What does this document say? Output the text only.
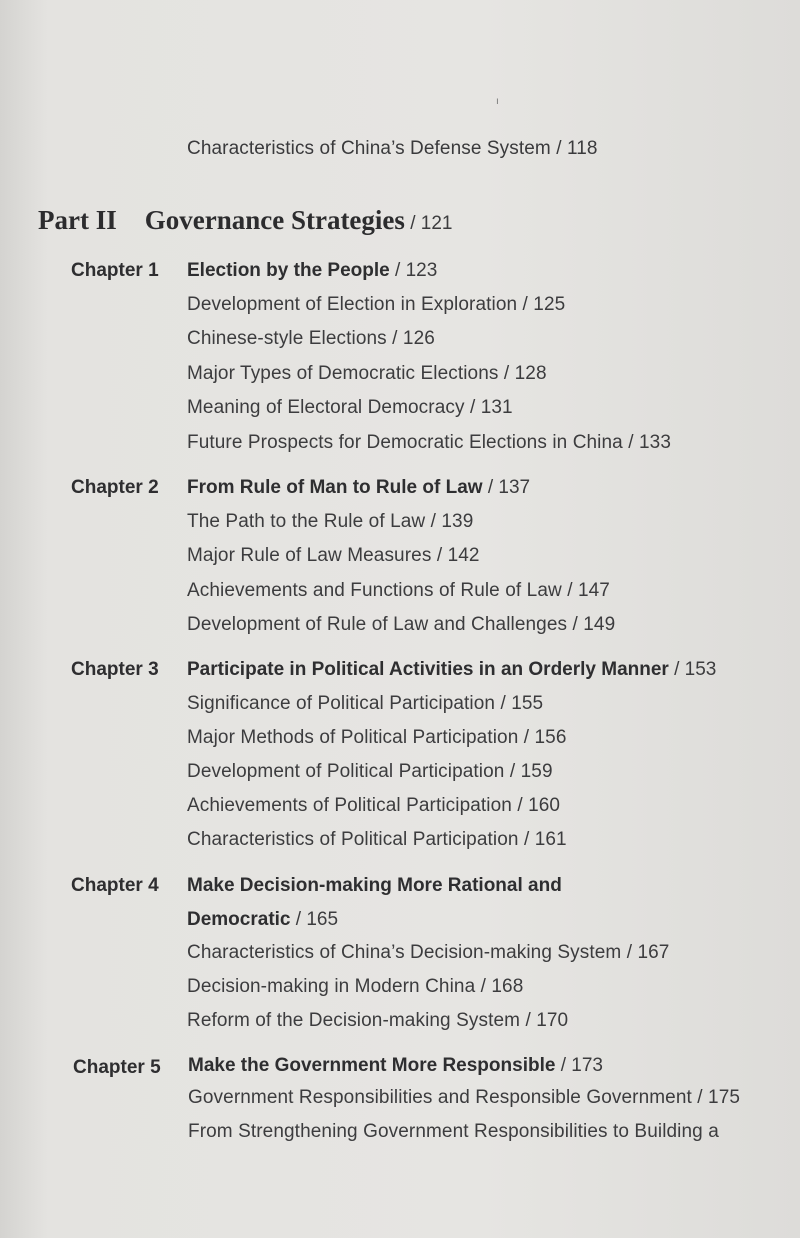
ı
Characteristics of China’s Defense System / 118
Part II Governance Strategies / 121
Chapter 1 Election by the People / 123
Development of Election in Exploration / 125
Chinese-style Elections / 126
Major Types of Democratic Elections / 128
Meaning of Electoral Democracy / 131
Future Prospects for Democratic Elections in China / 133
Chapter 2 From Rule of Man to Rule of Law / 137
The Path to the Rule of Law / 139
Major Rule of Law Measures / 142
Achievements and Functions of Rule of Law / 147
Development of Rule of Law and Challenges / 149
Chapter 3 Participate in Political Activities in an Orderly Manner / 153
Significance of Political Participation / 155
Major Methods of Political Participation / 156
Development of Political Participation / 159
Achievements of Political Participation / 160
Characteristics of Political Participation / 161
Chapter 4 Make Decision-making More Rational and
Democratic / 165
Characteristics of China’s Decision-making System / 167
Decision-making in Modern China / 168
Reform of the Decision-making System / 170
Chapter 5 Make the Government More Responsible / 173
Government Responsibilities and Responsible Government / 175
From Strengthening Government Responsibilities to Building a
